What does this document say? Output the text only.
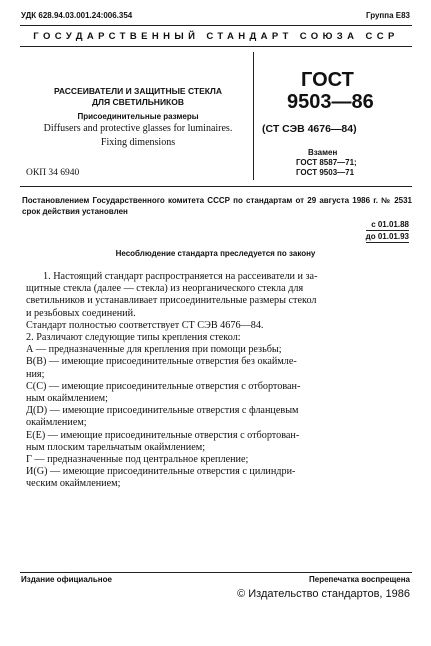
УДК 628.94.03.001.24:006.354	Группа Е83
ГОСУДАРСТВЕННЫЙ СТАНДАРТ СОЮЗА ССР
РАССЕИВАТЕЛИ И ЗАЩИТНЫЕ СТЕКЛА
ДЛЯ СВЕТИЛЬНИКОВ
Присоединительные размеры
Diffusers and protective glasses for luminaires.
Fixing dimensions
ОКП 34 6940
ГОСТ
9503—86
(СТ СЭВ 4676—84)
Взамен
ГОСТ 8587—71;
ГОСТ 9503—71
Постановлением Государственного комитета СССР по стандартам от 29 августа 1986 г. № 2531 срок действия установлен
с 01.01.88
до 01.01.93
Несоблюдение стандарта преследуется по закону
1. Настоящий стандарт распространяется на рассеиватели и за-
щитные стекла (далее — стекла) из неорганического стекла для
светильников и устанавливает присоединительные размеры стекол
и резьбовых соединений.
Стандарт полностью соответствует СТ СЭВ 4676—84.
2. Различают следующие типы крепления стекол:
А — предназначенные для крепления при помощи резьбы;
В(В) — имеющие присоединительные отверстия без окаймле-
ния;
С(С) — имеющие присоединительные отверстия с отбортован-
ным окаймлением;
Д(D) — имеющие присоединительные отверстия с фланцевым
окаймлением;
Е(Е) — имеющие присоединительные отверстия с отбортован-
ным плоским тарельчатым окаймлением;
Г — предназначенные под центральное крепление;
И(G) — имеющие присоединительные отверстия с цилиндри-
ческим окаймлением;
Издание официальное	Перепечатка воспрещена
© Издательство стандартов, 1986
